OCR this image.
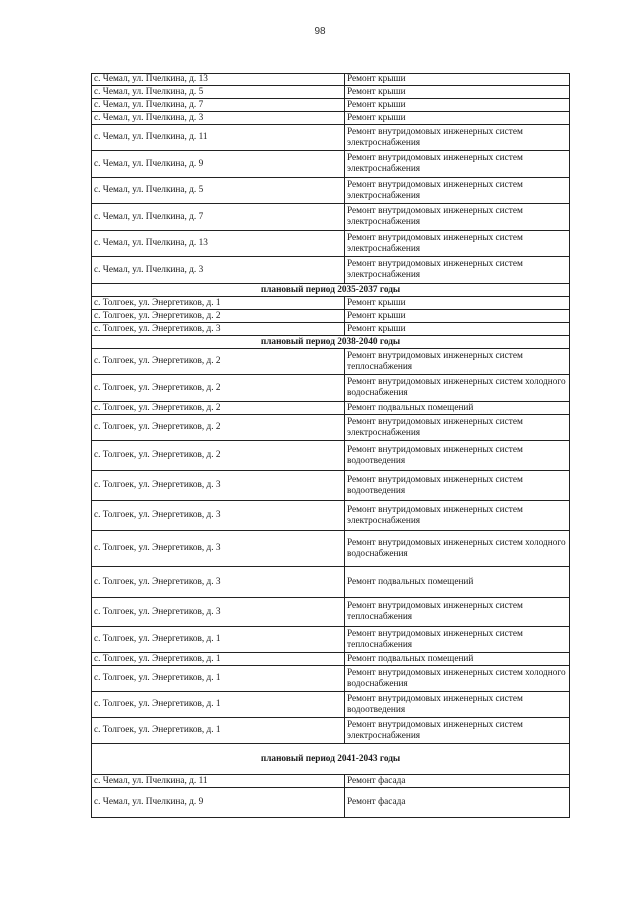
98
с. Чемал, ул. Пчелкина, д. 13	Ремонт крыши
с. Чемал, ул. Пчелкина, д. 5	Ремонт крыши
с. Чемал, ул. Пчелкина, д. 7	Ремонт крыши
с. Чемал, ул. Пчелкина, д. 3	Ремонт крыши
с. Чемал, ул. Пчелкина, д. 11	Ремонт внутридомовых инженерных систем электроснабжения
с. Чемал, ул. Пчелкина, д. 9	Ремонт внутридомовых инженерных систем электроснабжения
с. Чемал, ул. Пчелкина, д. 5	Ремонт внутридомовых инженерных систем электроснабжения
с. Чемал, ул. Пчелкина, д. 7	Ремонт внутридомовых инженерных систем электроснабжения
с. Чемал, ул. Пчелкина, д. 13	Ремонт внутридомовых инженерных систем электроснабжения
с. Чемал, ул. Пчелкина, д. 3	Ремонт внутридомовых инженерных систем электроснабжения
плановый период 2035-2037 годы	
с. Толгоек, ул. Энергетиков, д. 1	Ремонт крыши
с. Толгоек, ул. Энергетиков, д. 2	Ремонт крыши
с. Толгоек, ул. Энергетиков, д. 3	Ремонт крыши
плановый период 2038-2040 годы	
с. Толгоек, ул. Энергетиков, д. 2	Ремонт внутридомовых инженерных систем теплоснабжения
с. Толгоек, ул. Энергетиков, д. 2	Ремонт внутридомовых инженерных систем холодного водоснабжения
с. Толгоек, ул. Энергетиков, д. 2	Ремонт подвальных помещений
с. Толгоек, ул. Энергетиков, д. 2	Ремонт внутридомовых инженерных систем электроснабжения
с. Толгоек, ул. Энергетиков, д. 2	Ремонт внутридомовых инженерных систем водоотведения
с. Толгоек, ул. Энергетиков, д. 3	Ремонт внутридомовых инженерных систем водоотведения
с. Толгоек, ул. Энергетиков, д. 3	Ремонт внутридомовых инженерных систем электроснабжения
с. Толгоек, ул. Энергетиков, д. 3	Ремонт внутридомовых инженерных систем холодного водоснабжения
с. Толгоек, ул. Энергетиков, д. 3	Ремонт подвальных помещений
с. Толгоек, ул. Энергетиков, д. 3	Ремонт внутридомовых инженерных систем теплоснабжения
с. Толгоек, ул. Энергетиков, д. 1	Ремонт внутридомовых инженерных систем теплоснабжения
с. Толгоек, ул. Энергетиков, д. 1	Ремонт подвальных помещений
с. Толгоек, ул. Энергетиков, д. 1	Ремонт внутридомовых инженерных систем холодного водоснабжения
с. Толгоек, ул. Энергетиков, д. 1	Ремонт внутридомовых инженерных систем водоотведения
с. Толгоек, ул. Энергетиков, д. 1	Ремонт внутридомовых инженерных систем электроснабжения
плановый период 2041-2043 годы	
с. Чемал, ул. Пчелкина, д. 11	Ремонт фасада
с. Чемал, ул. Пчелкина, д. 9	Ремонт фасада
